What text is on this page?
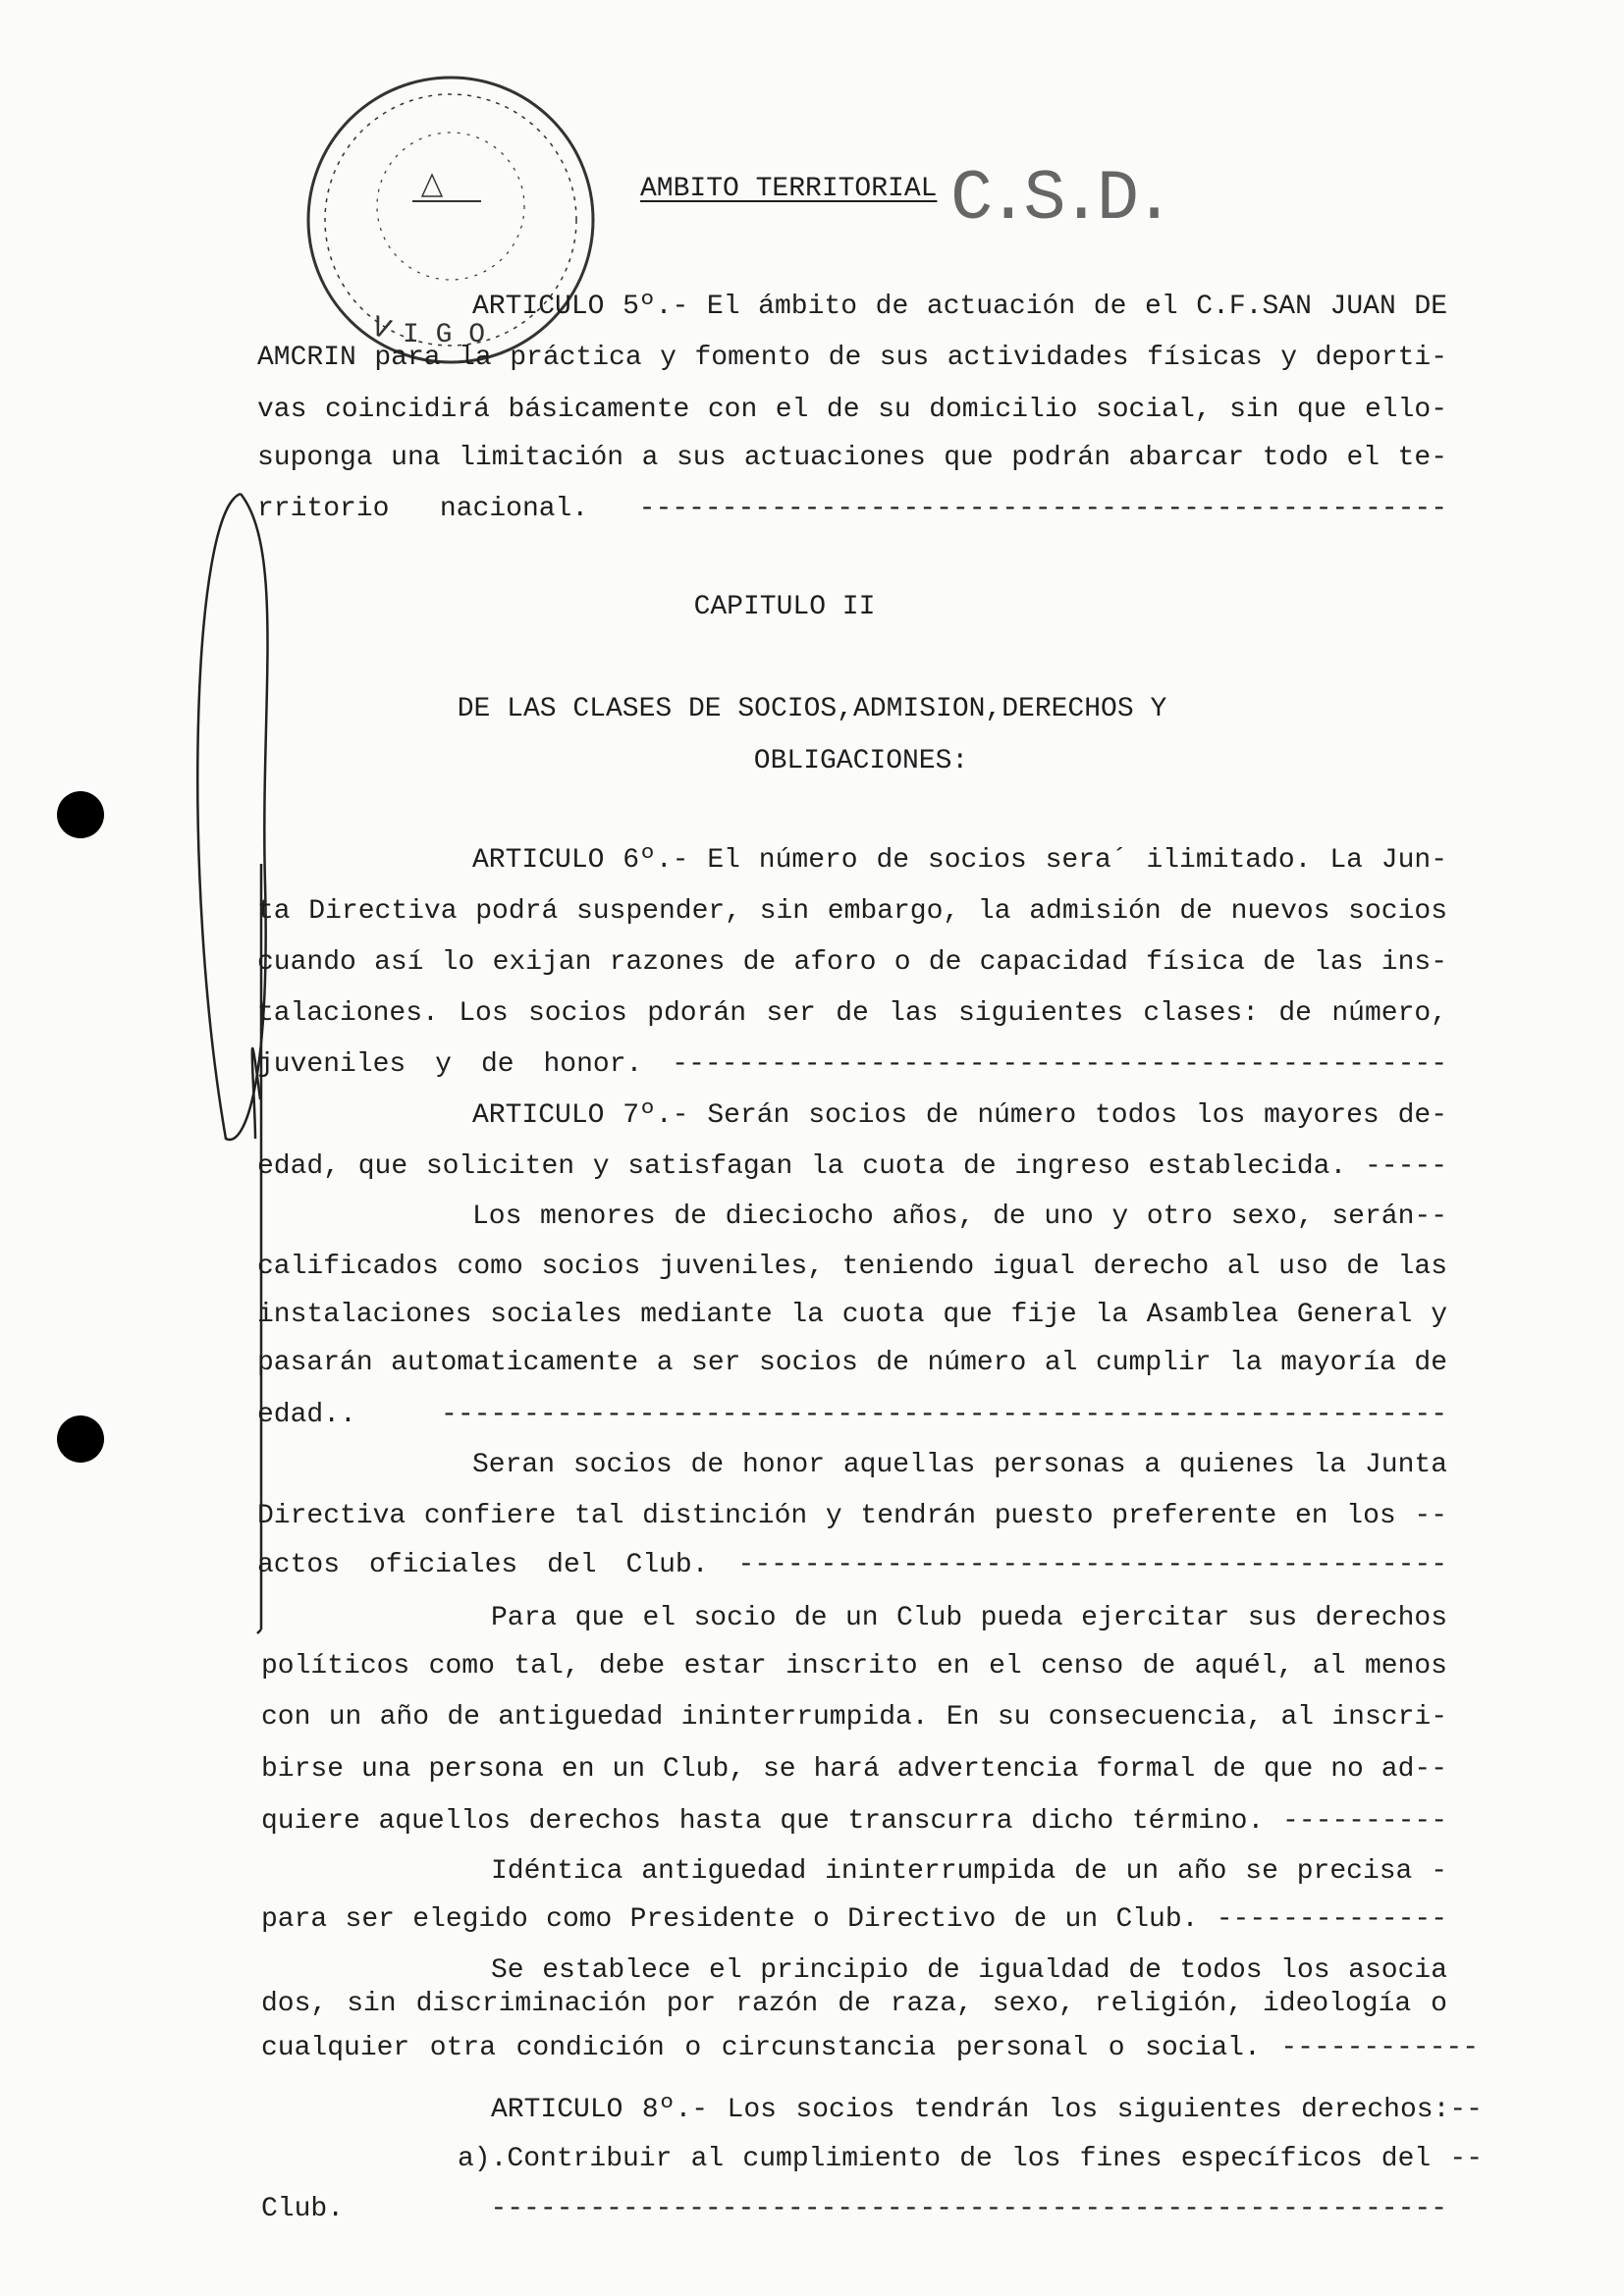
V I G O
AMBITO TERRITORIAL C.S.D.
CAPITULO II
DE LAS CLASES DE SOCIOS,ADMISION,DERECHOS Y
OBLIGACIONES:
ARTICULO 5º.- El ámbito de actuación de el C.F.SAN JUAN DE
AMCRIN para la práctica y fomento de sus actividades físicas y deporti-
vas coincidirá básicamente con el de su domicilio social, sin que ello-
suponga una limitación a sus actuaciones que podrán abarcar todo el te-
rritorio nacional. -------------------------------------------------
ARTICULO 6º.- El número de socios sera´ ilimitado. La Jun-
ta Directiva podrá suspender, sin embargo, la admisión de nuevos socios
cuando así lo exijan razones de aforo o de capacidad física de las ins-
talaciones. Los socios pdorán ser de las siguientes clases: de número,
juveniles y de honor. -----------------------------------------------
ARTICULO 7º.- Serán socios de número todos los mayores de-
edad, que soliciten y satisfagan la cuota de ingreso establecida. -----
Los menores de dieciocho años, de uno y otro sexo, serán--
calificados como socios juveniles, teniendo igual derecho al uso de las
instalaciones sociales mediante la cuota que fije la Asamblea General y
pasarán automaticamente a ser socios de número al cumplir la mayoría de
edad.. -------------------------------------------------------------
Seran socios de honor aquellas personas a quienes la Junta
Directiva confiere tal distinción y tendrán puesto preferente en los --
actos oficiales del Club. -------------------------------------------
Para que el socio de un Club pueda ejercitar sus derechos
políticos como tal, debe estar inscrito en el censo de aquél, al menos
con un año de antiguedad ininterrumpida. En su consecuencia, al inscri-
birse una persona en un Club, se hará advertencia formal de que no ad--
quiere aquellos derechos hasta que transcurra dicho término. ----------
Idéntica antiguedad ininterrumpida de un año se precisa -
para ser elegido como Presidente o Directivo de un Club. --------------
Se establece el principio de igualdad de todos los asocia
dos, sin discriminación por razón de raza, sexo, religión, ideología o
cualquier otra condición o circunstancia personal o social. ------------
ARTICULO 8º.- Los socios tendrán los siguientes derechos:--
a).Contribuir al cumplimiento de los fines específicos del --
Club. ----------------------------------------------------------
